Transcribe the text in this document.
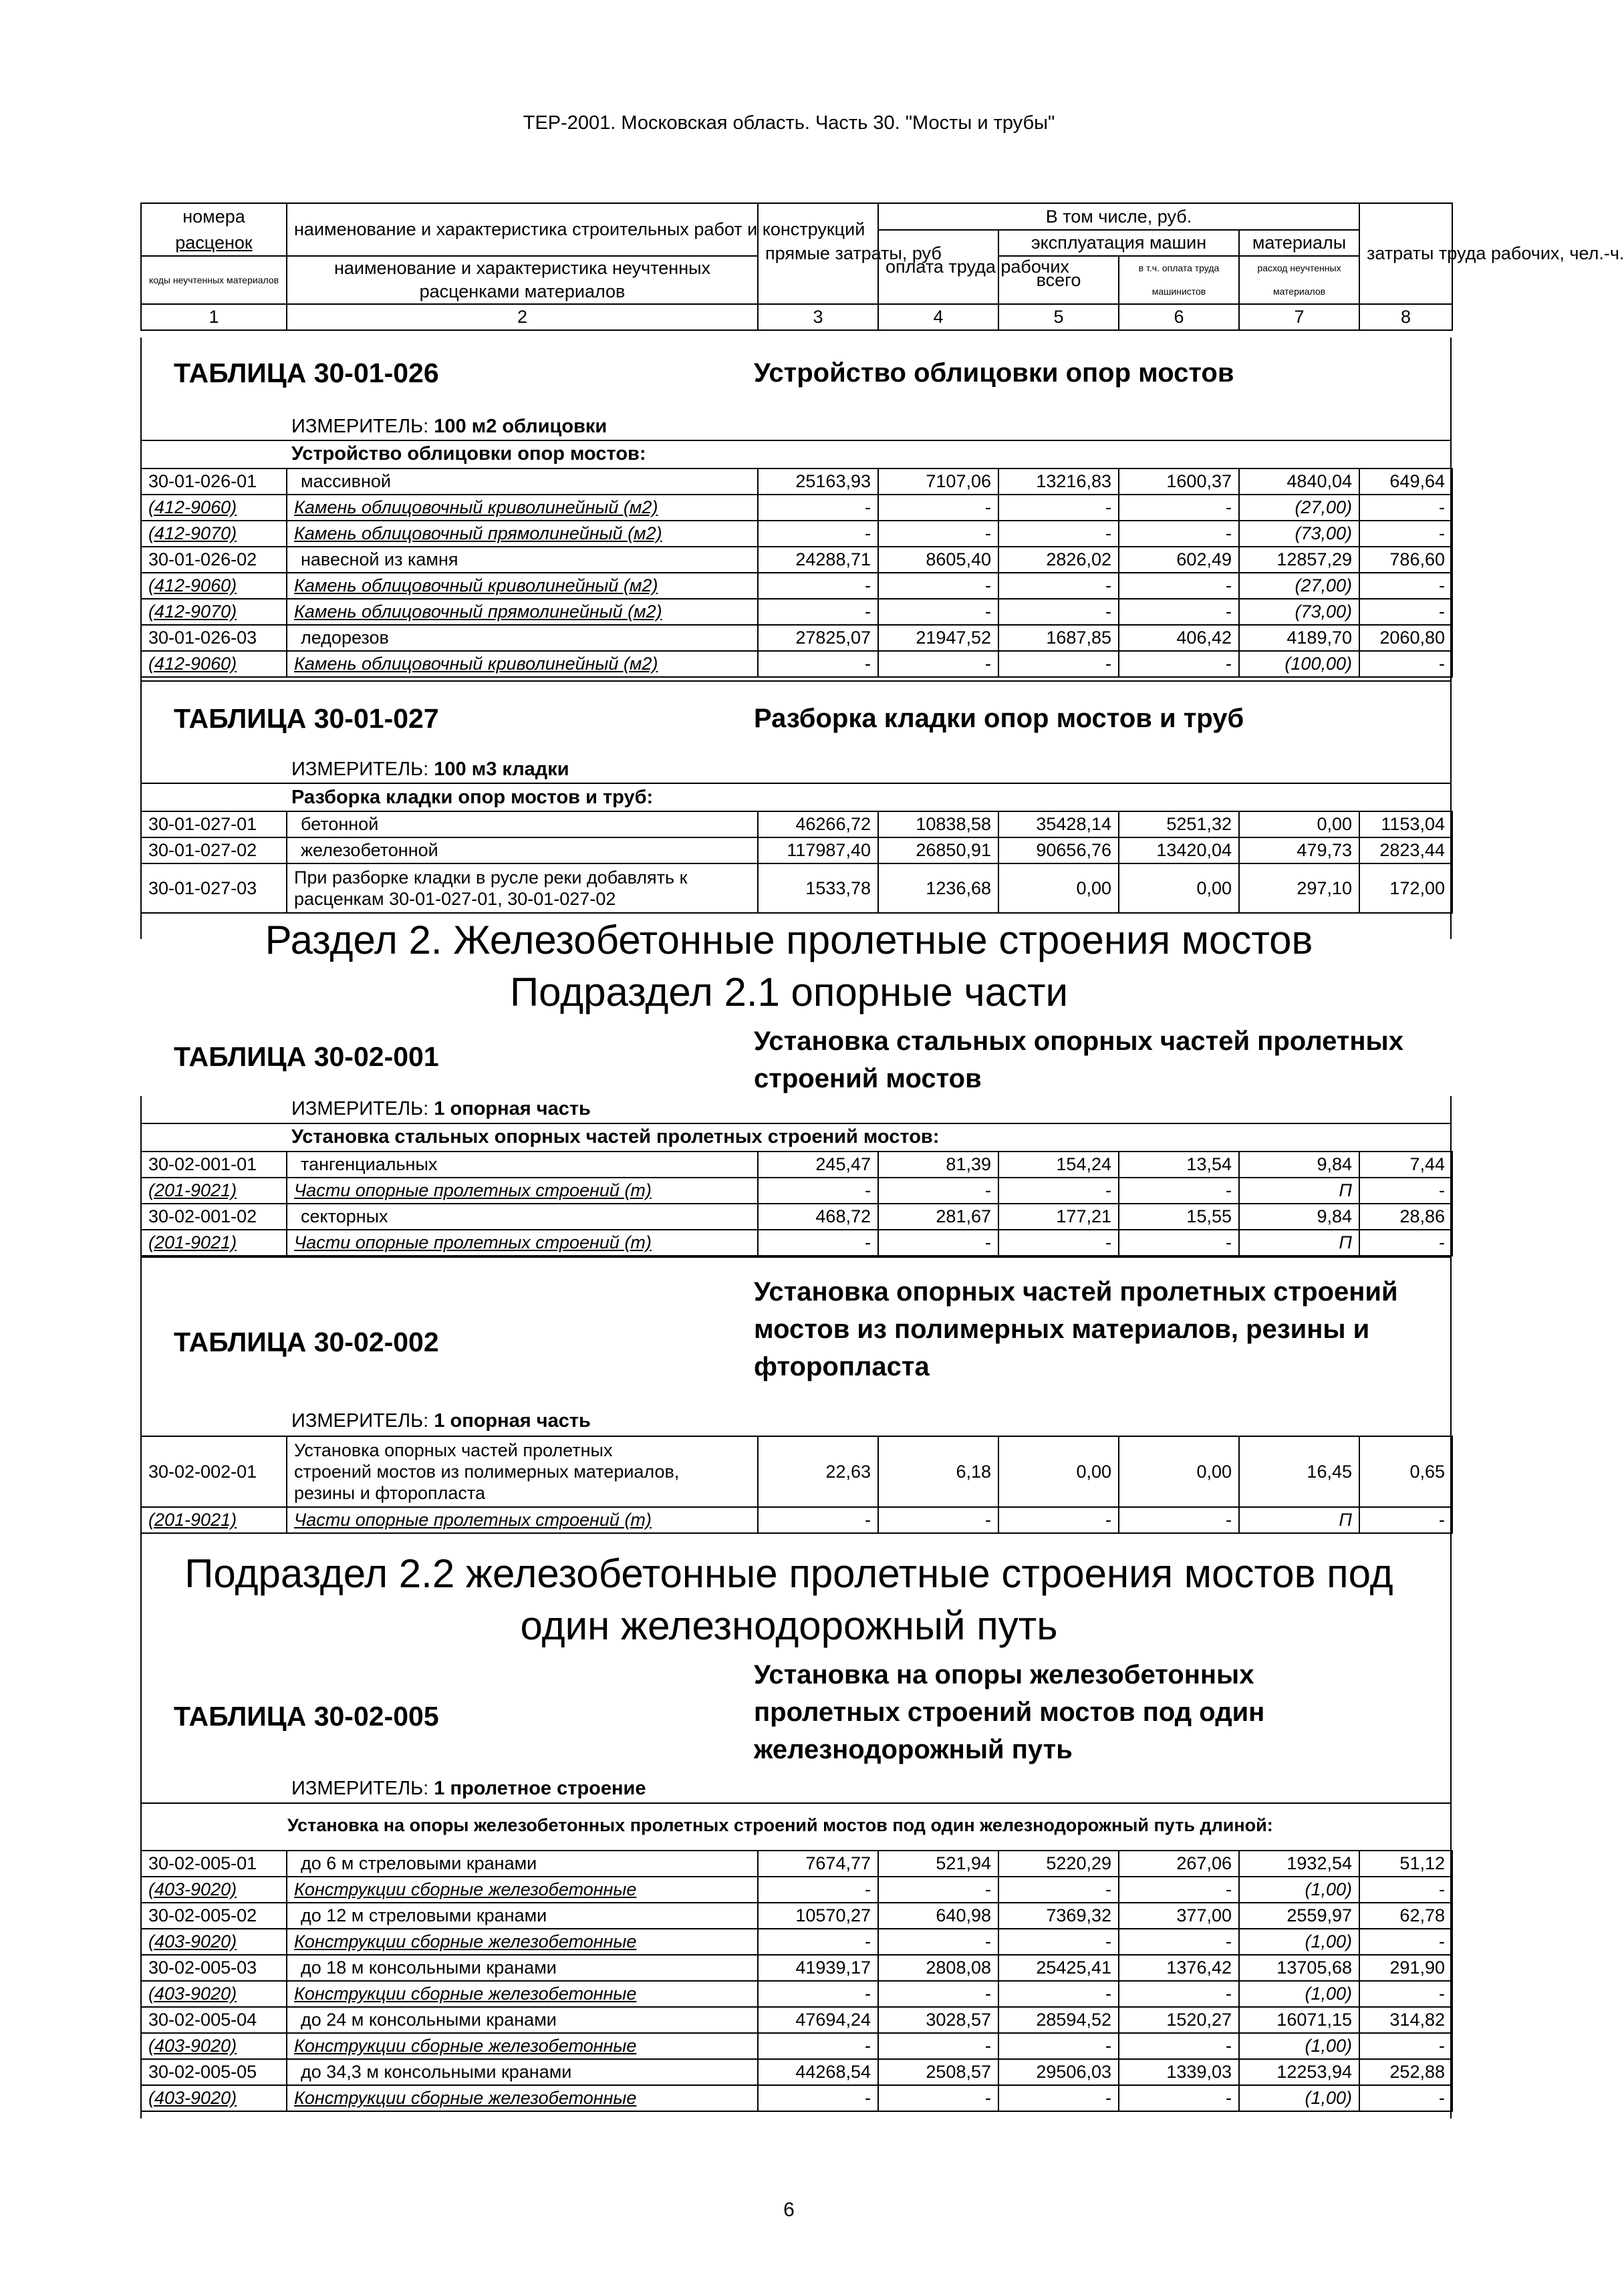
ТЕР-2001. Московская область. Часть 30. "Мосты и трубы"
номера	наименование и характеристика строительных работ и конструкций	прямые затраты, руб	В том числе, руб.				затраты труда рабочих, чел.-ч.
расценок			оплата труда рабочих	эксплуатация машин		материалы	
коды неучтенных материалов	наименование и характеристика неучтенных расценками материалов			всего	в т.ч. оплата труда машинистов	расход неучтенных материалов	

1	2	3	4	5	6	7	8
ТАБЛИЦА 30-01-026	Устройство облицовки опор мостов
ИЗМЕРИТЕЛЬ: 100 м2 облицовки
Устройство облицовки опор мостов:
30-01-026-01	массивной	25163,93	7107,06	13216,83	1600,37	4840,04	649,64
(412-9060)	Камень облицовочный криволинейный (м2)	-	-	-	-	(27,00)	-
(412-9070)	Камень облицовочный прямолинейный (м2)	-	-	-	-	(73,00)	-
30-01-026-02	навесной из камня	24288,71	8605,40	2826,02	602,49	12857,29	786,60
(412-9060)	Камень облицовочный криволинейный (м2)	-	-	-	-	(27,00)	-
(412-9070)	Камень облицовочный прямолинейный (м2)	-	-	-	-	(73,00)	-
30-01-026-03	ледорезов	27825,07	21947,52	1687,85	406,42	4189,70	2060,80
(412-9060)	Камень облицовочный криволинейный (м2)	-	-	-	-	(100,00)	-
ТАБЛИЦА 30-01-027	Разборка кладки опор мостов и труб
ИЗМЕРИТЕЛЬ: 100 м3 кладки
Разборка кладки опор мостов и труб:
30-01-027-01	бетонной	46266,72	10838,58	35428,14	5251,32	0,00	1153,04
30-01-027-02	железобетонной	117987,40	26850,91	90656,76	13420,04	479,73	2823,44
30-01-027-03	При разборке кладки в русле реки добавлять к
расценкам 30-01-027-01, 30-01-027-02	1533,78	1236,68	0,00	0,00	297,10	172,00
Раздел 2. Железобетонные пролетные строения мостов
Подраздел 2.1 опорные части
ТАБЛИЦА 30-02-001	Установка стальных опорных частей пролетных
строений мостов
ИЗМЕРИТЕЛЬ: 1 опорная часть
Установка стальных опорных частей пролетных строений мостов:
30-02-001-01	тангенциальных	245,47	81,39	154,24	13,54	9,84	7,44
(201-9021)	Части опорные пролетных строений (т)	-	-	-	-	П	-
30-02-001-02	секторных	468,72	281,67	177,21	15,55	9,84	28,86
(201-9021)	Части опорные пролетных строений (т)	-	-	-	-	П	-
ТАБЛИЦА 30-02-002
Установка опорных частей пролетных строений
мостов из полимерных материалов, резины и
фторопласта
ИЗМЕРИТЕЛЬ: 1 опорная часть
30-02-002-01	Установка опорных частей пролетных
строений мостов из полимерных материалов,
резины и фторопласта	22,63	6,18	0,00	0,00	16,45	0,65
(201-9021)	Части опорные пролетных строений (т)	-	-	-	-	П	-
Подраздел 2.2 железобетонные пролетные строения мостов под
один железнодорожный путь
ТАБЛИЦА 30-02-005
Установка на опоры железобетонных
пролетных строений мостов под один
железнодорожный путь
ИЗМЕРИТЕЛЬ: 1 пролетное строение
Установка на опоры железобетонных пролетных строений мостов под один железнодорожный путь длиной:
30-02-005-01	до 6 м стреловыми кранами	7674,77	521,94	5220,29	267,06	1932,54	51,12
(403-9020)	Конструкции сборные железобетонные	-	-	-	-	(1,00)	-
30-02-005-02	до 12 м стреловыми кранами	10570,27	640,98	7369,32	377,00	2559,97	62,78
(403-9020)	Конструкции сборные железобетонные	-	-	-	-	(1,00)	-
30-02-005-03	до 18 м консольными кранами	41939,17	2808,08	25425,41	1376,42	13705,68	291,90
(403-9020)	Конструкции сборные железобетонные	-	-	-	-	(1,00)	-
30-02-005-04	до 24 м консольными кранами	47694,24	3028,57	28594,52	1520,27	16071,15	314,82
(403-9020)	Конструкции сборные железобетонные	-	-	-	-	(1,00)	-
30-02-005-05	до 34,3 м консольными кранами	44268,54	2508,57	29506,03	1339,03	12253,94	252,88
(403-9020)	Конструкции сборные железобетонные	-	-	-	-	(1,00)	-
6
